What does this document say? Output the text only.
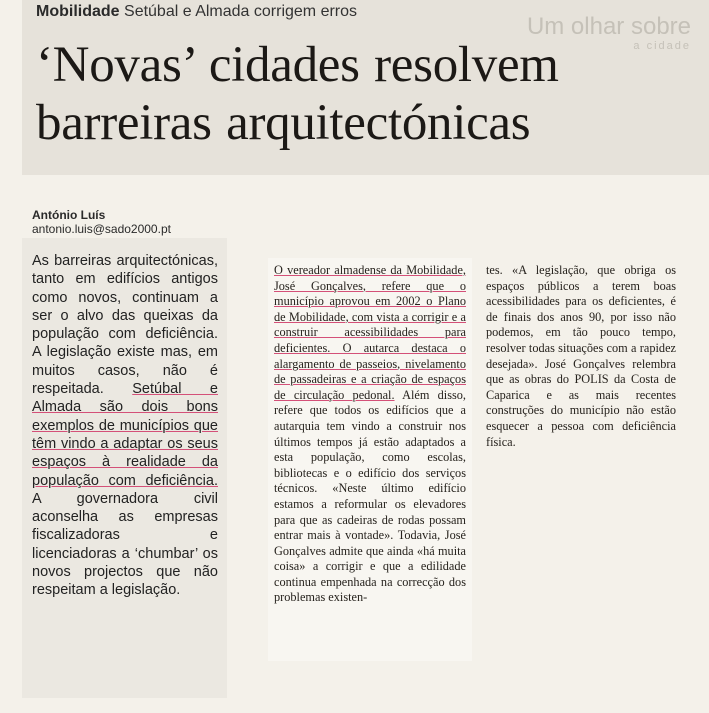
Um olhar sobre
a cidade
Mobilidade Setúbal e Almada corrigem erros
‘Novas’ cidades resolvem barreiras arquitectónicas
António Luís
antonio.luis@sado2000.pt

As barreiras arquitectónicas, tanto em edifícios antigos como novos, continuam a ser o alvo das queixas da população com deficiência. A legislação existe mas, em muitos casos, não é respeitada. Setúbal e Almada são dois bons exemplos de municípios que têm vindo a adaptar os seus espaços à realidade da população com deficiência. A governadora civil aconselha as empresas fiscalizadoras e licenciadoras a ‘chumbar’ os novos projectos que não respeitam a legislação.

O vereador almadense da Mobilidade, José Gonçalves, refere que o município aprovou em 2002 o Plano de Mobilidade, com vista a corrigir e a construir acessibilidades para deficientes. O autarca destaca o alargamento de passeios, nivelamento de passadeiras e a criação de espaços de circulação pedonal. Além disso, refere que todos os edifícios que a autarquia tem vindo a construir nos últimos tempos já estão adaptados a esta população, como escolas, bibliotecas e o edifício dos serviços técnicos. «Neste último edifício estamos a reformular os elevadores para que as cadeiras de rodas possam entrar mais à vontade». Todavia, José Gonçalves admite que ainda «há muita coisa» a corrigir e que a edilidade continua empenhada na correcção dos problemas existen-

tes. «A legislação, que obriga os espaços públicos a terem boas acessibilidades para os deficientes, é de finais dos anos 90, por isso não podemos, em tão pouco tempo, resolver todas situações com a rapidez desejada». José Gonçalves relembra que as obras do POLIS da Costa de Caparica e as mais recentes construções do município não estão esquecer a pessoa com deficiência física.
